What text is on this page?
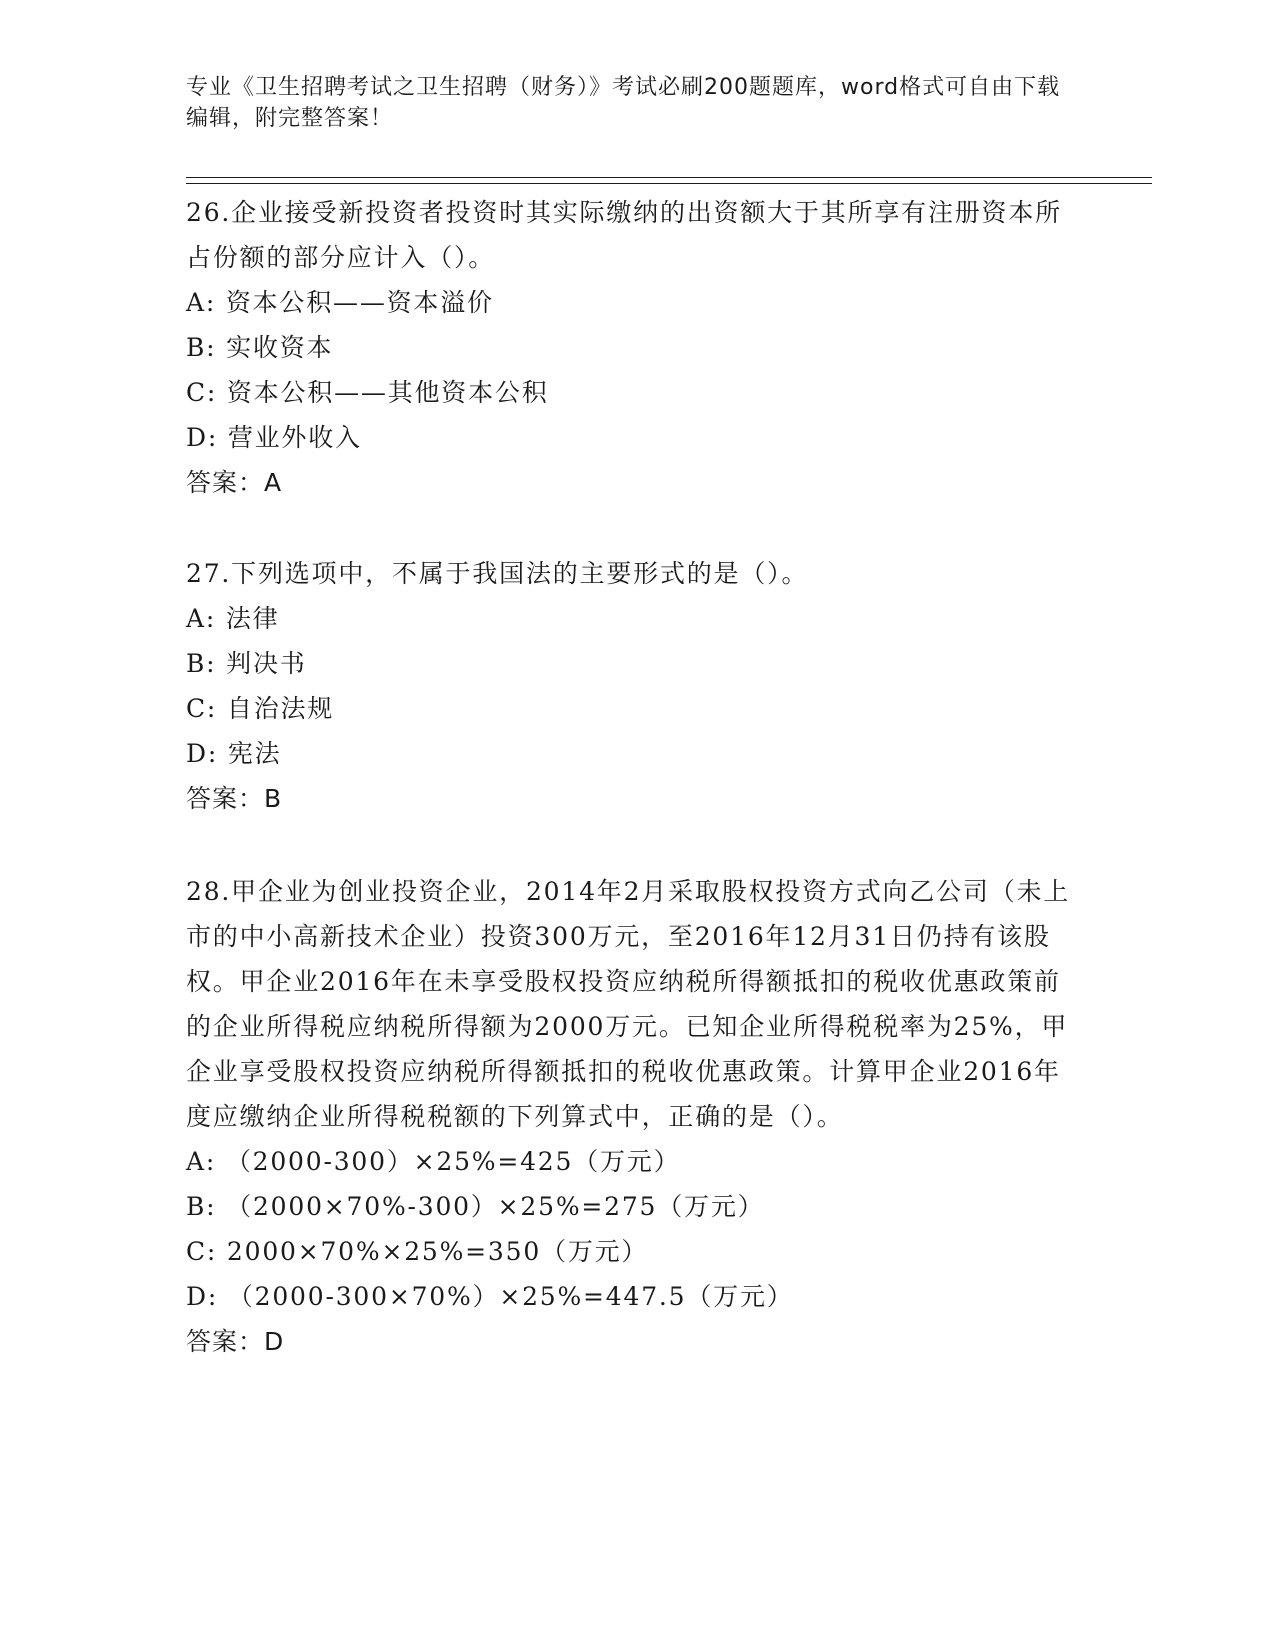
专业《卫生招聘考试之卫生招聘（财务）》考试必刷200题题库，word格式可自由下载编辑，附完整答案！

26.企业接受新投资者投资时其实际缴纳的出资额大于其所享有注册资本所占份额的部分应计入（）。

A: 资本公积——资本溢价
B: 实收资本
C: 资本公积——其他资本公积
D: 营业外收入
答案：A

27.下列选项中，不属于我国法的主要形式的是（）。

A: 法律
B: 判决书
C: 自治法规
D: 宪法
答案：B

28.甲企业为创业投资企业，2014年2月采取股权投资方式向乙公司（未上市的中小高新技术企业）投资300万元，至2016年12月31日仍持有该股权。甲企业2016年在未享受股权投资应纳税所得额抵扣的税收优惠政策前的企业所得税应纳税所得额为2000万元。已知企业所得税税率为25%，甲企业享受股权投资应纳税所得额抵扣的税收优惠政策。计算甲企业2016年度应缴纳企业所得税税额的下列算式中，正确的是（）。

A: （2000-300）×25%=425（万元）
B: （2000×70%-300）×25%=275（万元）
C: 2000×70%×25%=350（万元）
D: （2000-300×70%）×25%=447.5（万元）
答案：D
